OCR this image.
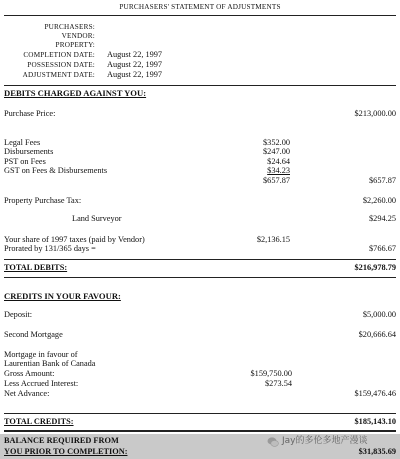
PURCHASERS' STATEMENT OF ADJUSTMENTS
PURCHASERS:
VENDOR:
PROPERTY:
COMPLETION DATE: August 22, 1997
POSSESSION DATE: August 22, 1997
ADJUSTMENT DATE: August 22, 1997
DEBITS CHARGED AGAINST YOU:
Purchase Price:	$213,000.00
Legal Fees	$352.00
Disbursements	$247.00
PST on Fees	$24.64
GST on Fees & Disbursements	$34.23
$657.87	$657.87
Property Purchase Tax:	$2,260.00
Land Surveyor	$294.25
Your share of 1997 taxes (paid by Vendor)	$2,136.15
Prorated by 131/365 days =	$766.67
TOTAL DEBITS:	$216,978.79
CREDITS IN YOUR FAVOUR:
Deposit:	$5,000.00
Second Mortgage	$20,666.64
Mortgage in favour of
Laurentian Bank of Canada
Gross Amount:	$159,750.00
Less Accrued Interest:	$273.54
Net Advance:	$159,476.46
TOTAL CREDITS:	$185,143.10
BALANCE REQUIRED FROM
YOU PRIOR TO COMPLETION:	$31,835.69
Jay的多伦多地产漫谈
